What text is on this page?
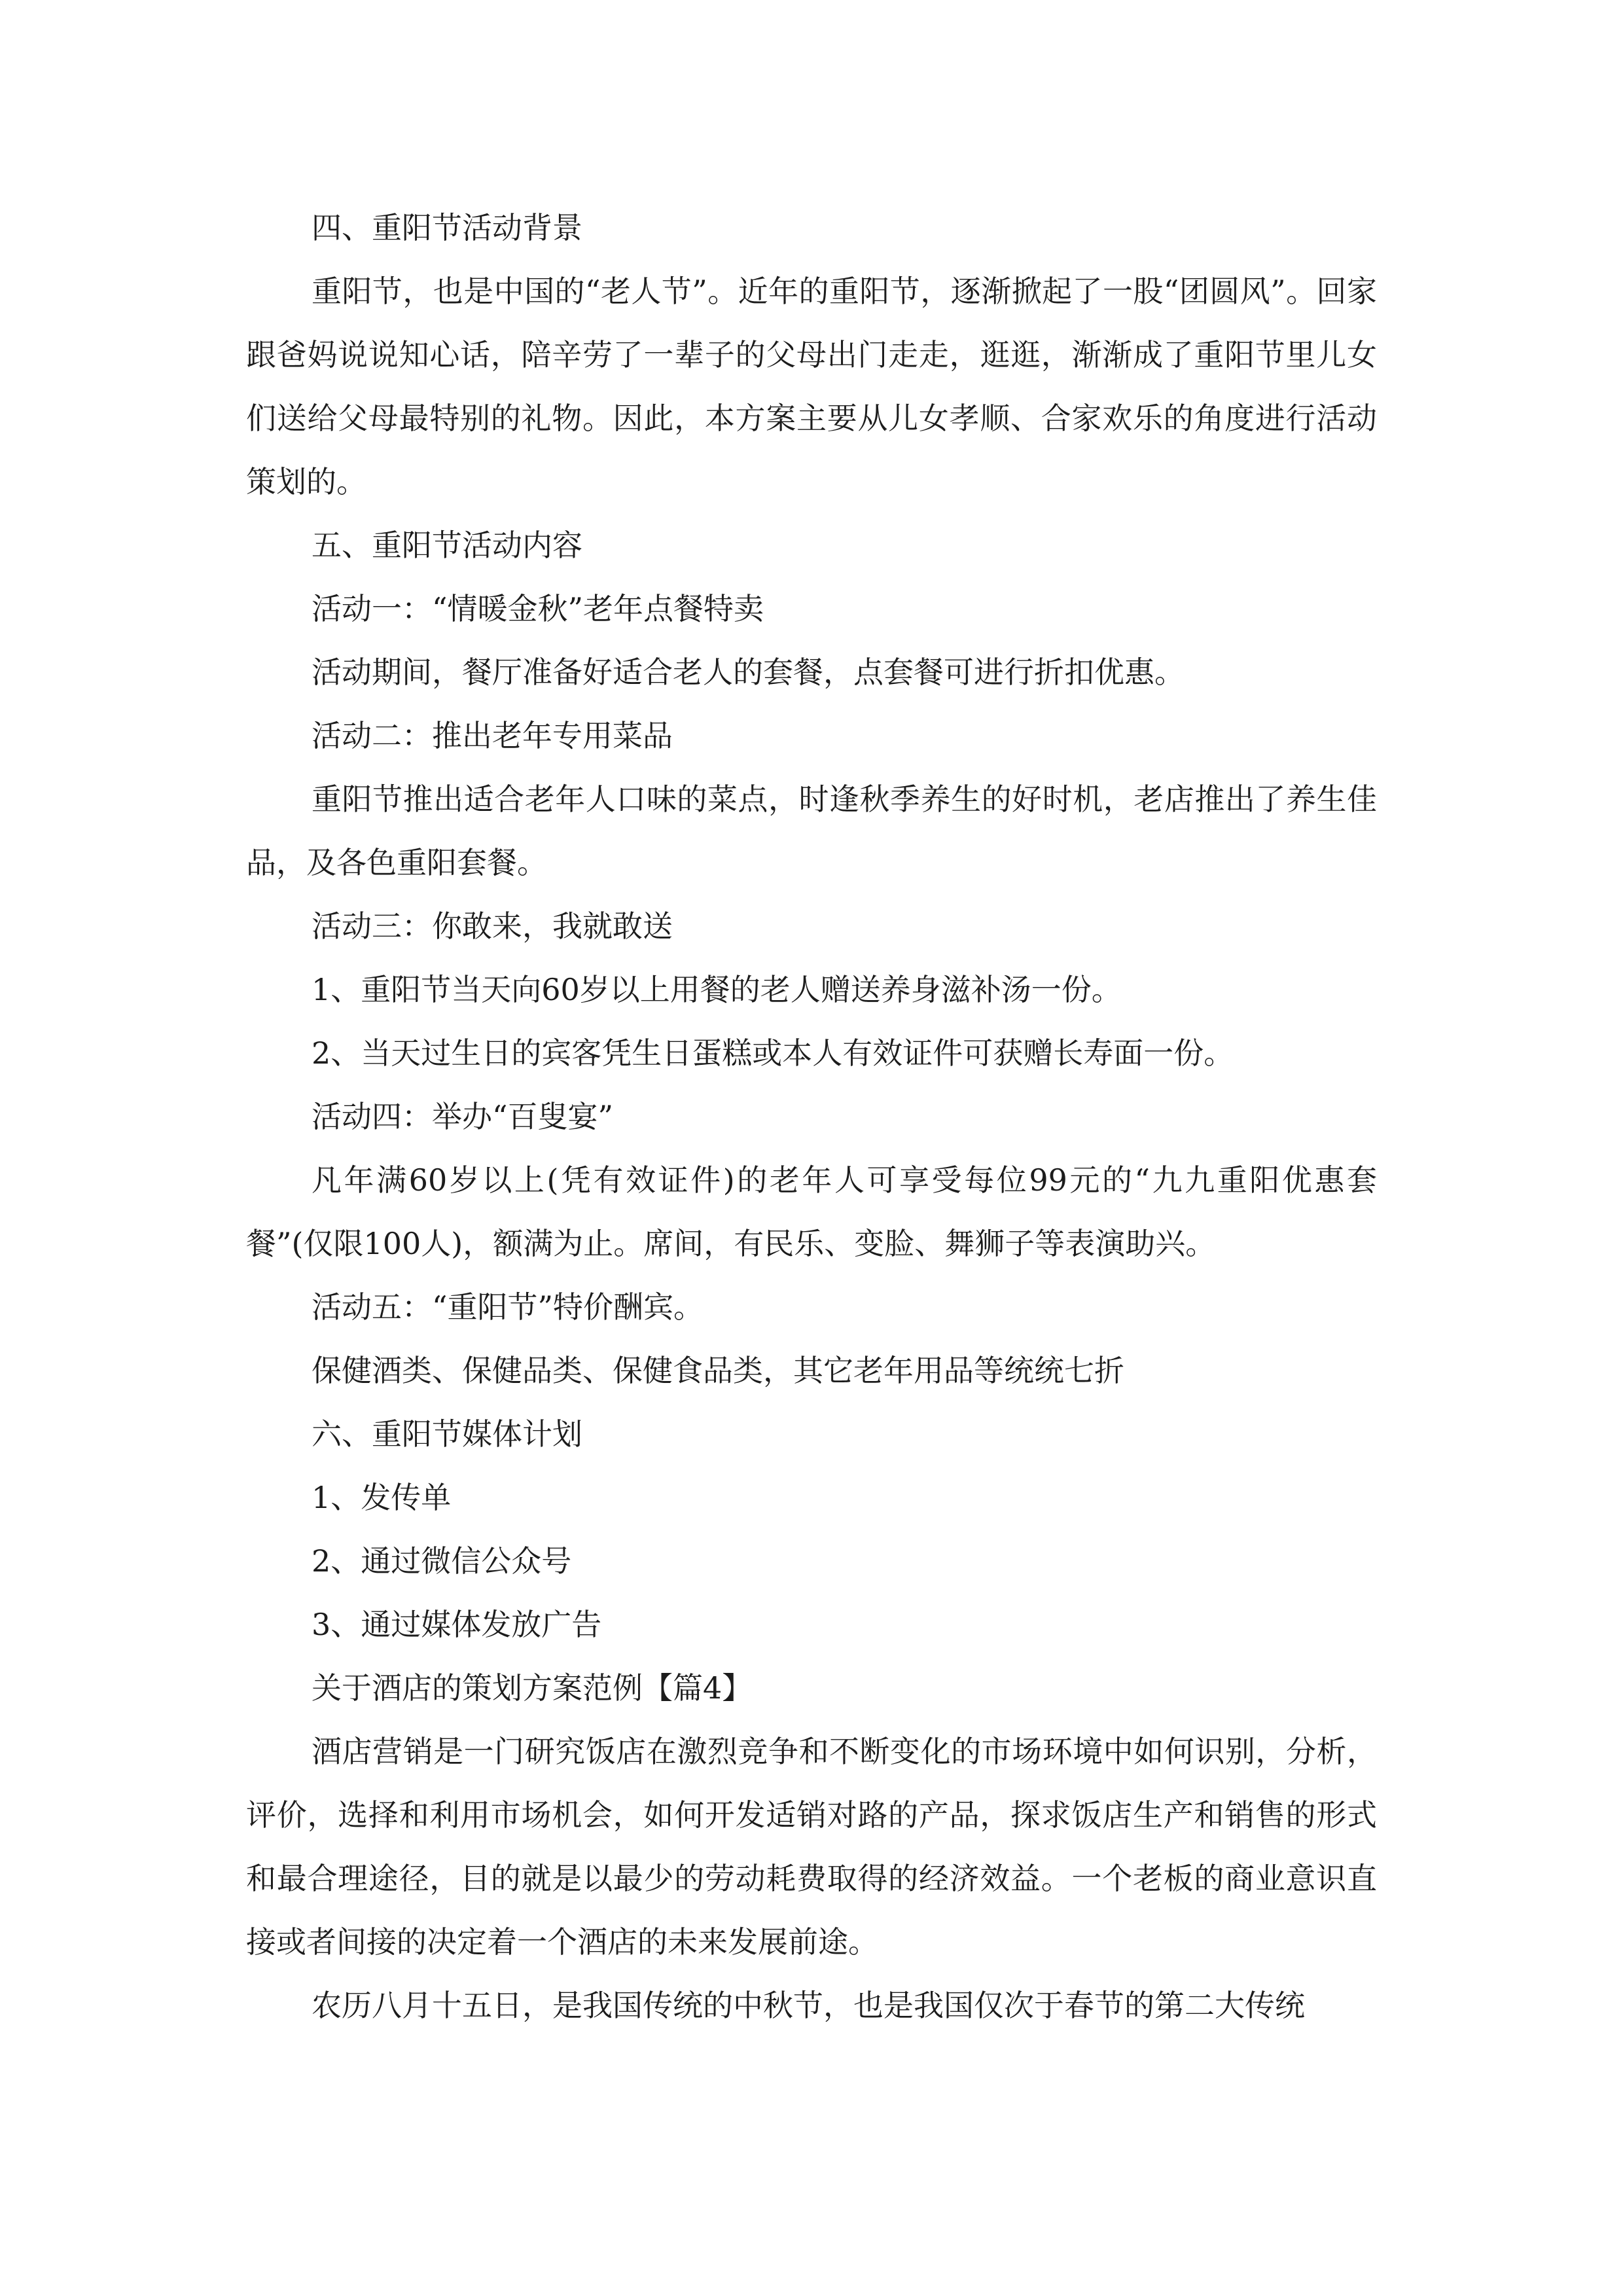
四、重阳节活动背景

重阳节，也是中国的“老人节”。近年的重阳节，逐渐掀起了一股“团圆风”。回家跟爸妈说说知心话，陪辛劳了一辈子的父母出门走走，逛逛，渐渐成了重阳节里儿女们送给父母最特别的礼物。因此，本方案主要从儿女孝顺、合家欢乐的角度进行活动策划的。

五、重阳节活动内容

活动一：“情暖金秋”老年点餐特卖

活动期间，餐厅准备好适合老人的套餐，点套餐可进行折扣优惠。

活动二：推出老年专用菜品

重阳节推出适合老年人口味的菜点，时逢秋季养生的好时机，老店推出了养生佳品，及各色重阳套餐。

活动三：你敢来，我就敢送

1、重阳节当天向60岁以上用餐的老人赠送养身滋补汤一份。

2、当天过生日的宾客凭生日蛋糕或本人有效证件可获赠长寿面一份。

活动四：举办“百叟宴”

凡年满60岁以上(凭有效证件)的老年人可享受每位99元的“九九重阳优惠套餐”(仅限100人)，额满为止。席间，有民乐、变脸、舞狮子等表演助兴。

活动五：“重阳节”特价酬宾。

保健酒类、保健品类、保健食品类，其它老年用品等统统七折

六、重阳节媒体计划

1、发传单

2、通过微信公众号

3、通过媒体发放广告

关于酒店的策划方案范例【篇4】

酒店营销是一门研究饭店在激烈竞争和不断变化的市场环境中如何识别，分析，评价，选择和利用市场机会，如何开发适销对路的产品，探求饭店生产和销售的形式和最合理途径，目的就是以最少的劳动耗费取得的经济效益。一个老板的商业意识直接或者间接的决定着一个酒店的未来发展前途。

农历八月十五日，是我国传统的中秋节，也是我国仅次于春节的第二大传统
